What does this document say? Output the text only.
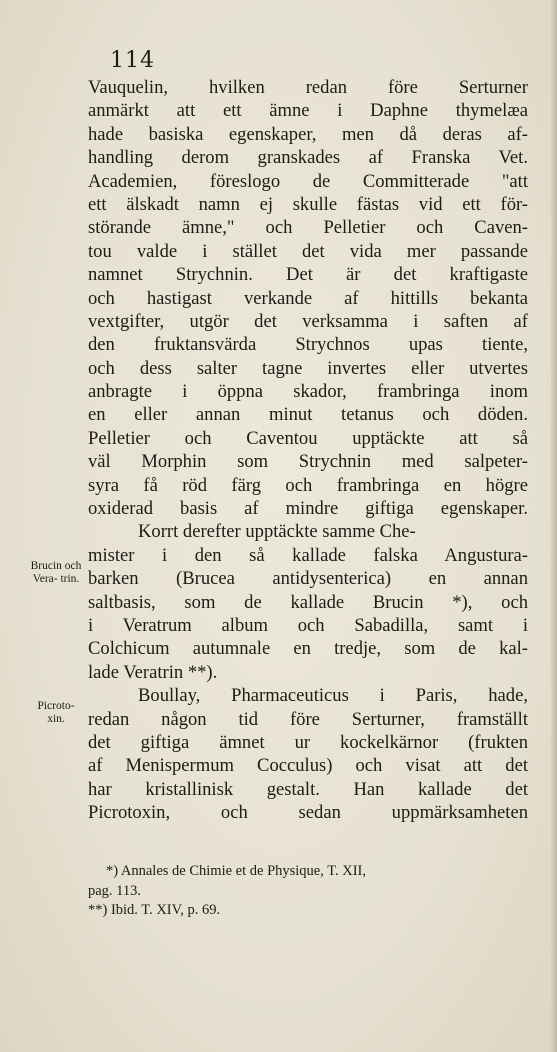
114
Brucin och Vera- trin.
Picroto- xin.
Vauquelin, hvilken redan före Serturner
anmärkt att ett ämne i Daphne thymelæa
hade basiska egenskaper, men då deras af-
handling derom granskades af Franska Vet.
Academien, föreslogo de Committerade "att
ett älskadt namn ej skulle fästas vid ett för-
störande ämne," och Pelletier och Caven-
tou valde i stället det vida mer passande
namnet Strychnin. Det är det kraftigaste
och hastigast verkande af hittills bekanta
vextgifter, utgör det verksamma i saften af
den fruktansvärda Strychnos upas tiente,
och dess salter tagne invertes eller utvertes
anbragte i öppna skador, frambringa inom
en eller annan minut tetanus och döden.
Pelletier och Caventou upptäckte att så
väl Morphin som Strychnin med salpeter-
syra få röd färg och frambringa en högre
oxiderad basis af mindre giftiga egenskaper.
Korrt derefter upptäckte samme Che-
mister i den så kallade falska Angustura-
barken (Brucea antidysenterica) en annan
saltbasis, som de kallade Brucin *), och
i Veratrum album och Sabadilla, samt i
Colchicum autumnale en tredje, som de kal-
lade Veratrin **).
Boullay, Pharmaceuticus i Paris, hade,
redan någon tid före Serturner, framställt
det giftiga ämnet ur kockelkärnor (frukten
af Menispermum Cocculus) och visat att det
har kristallinisk gestalt. Han kallade det
Picrotoxin, och sedan uppmärksamheten
*) Annales de Chimie et de Physique, T. XII,
pag. 113.
**) Ibid. T. XIV, p. 69.
